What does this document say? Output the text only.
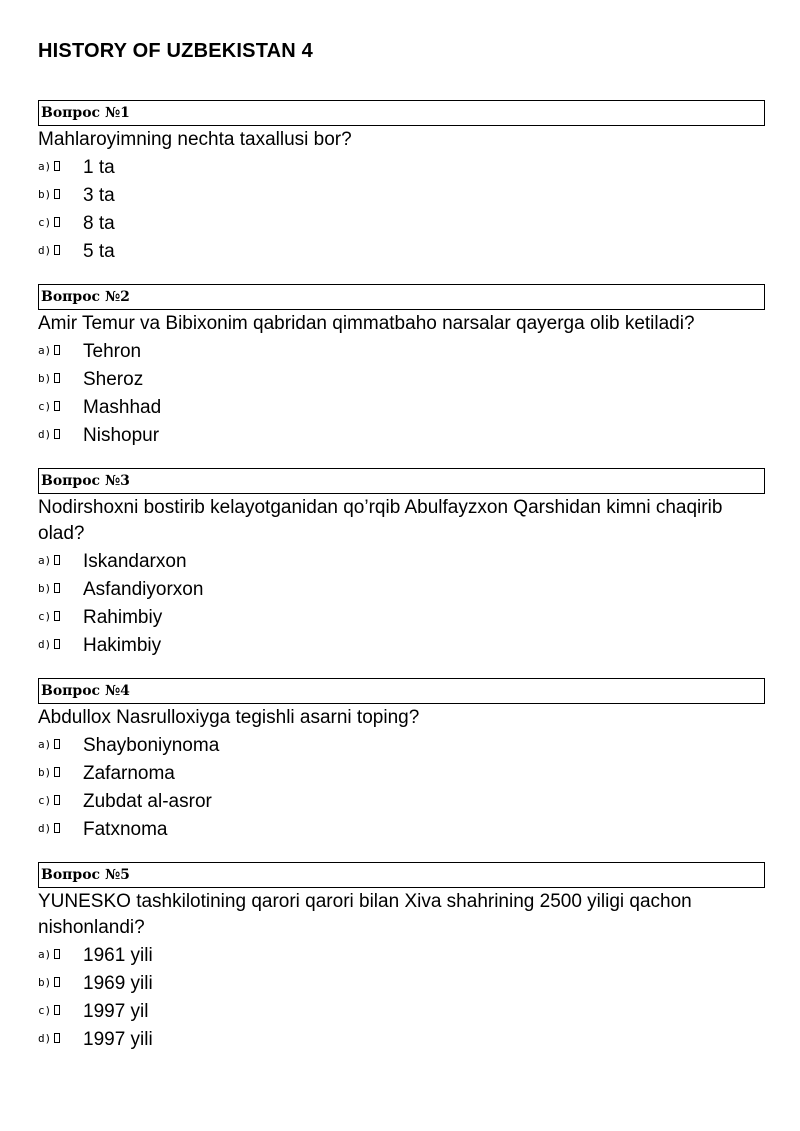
HISTORY OF UZBEKISTAN 4
Вопрос №1
Mahlaroyimning nechta taxallusi bor?
a)	1 ta
b)	3 ta
c)	8 ta
d)	5 ta
Вопрос №2
Amir Temur va Bibixonim qabridan qimmatbaho narsalar qayerga olib ketiladi?
a)	Tehron
b)	Sheroz
c)	Mashhad
d)	Nishopur
Вопрос №3
Nodirshoxni bostirib kelayotganidan qo’rqib Abulfayzxon Qarshidan kimni chaqirib olad?
a)	Iskandarxon
b)	Asfandiyorxon
c)	Rahimbiy
d)	Hakimbiy
Вопрос №4
Abdullox Nasrulloxiyga tegishli asarni toping?
a)	Shayboniynoma
b)	Zafarnoma
c)	Zubdat al-asror
d)	Fatxnoma
Вопрос №5
YUNESKO tashkilotining qarori qarori bilan Xiva shahrining 2500 yiligi qachon nishonlandi?
a)	1961 yili
b)	1969 yili
c)	1997 yil
d)	1997 yili
